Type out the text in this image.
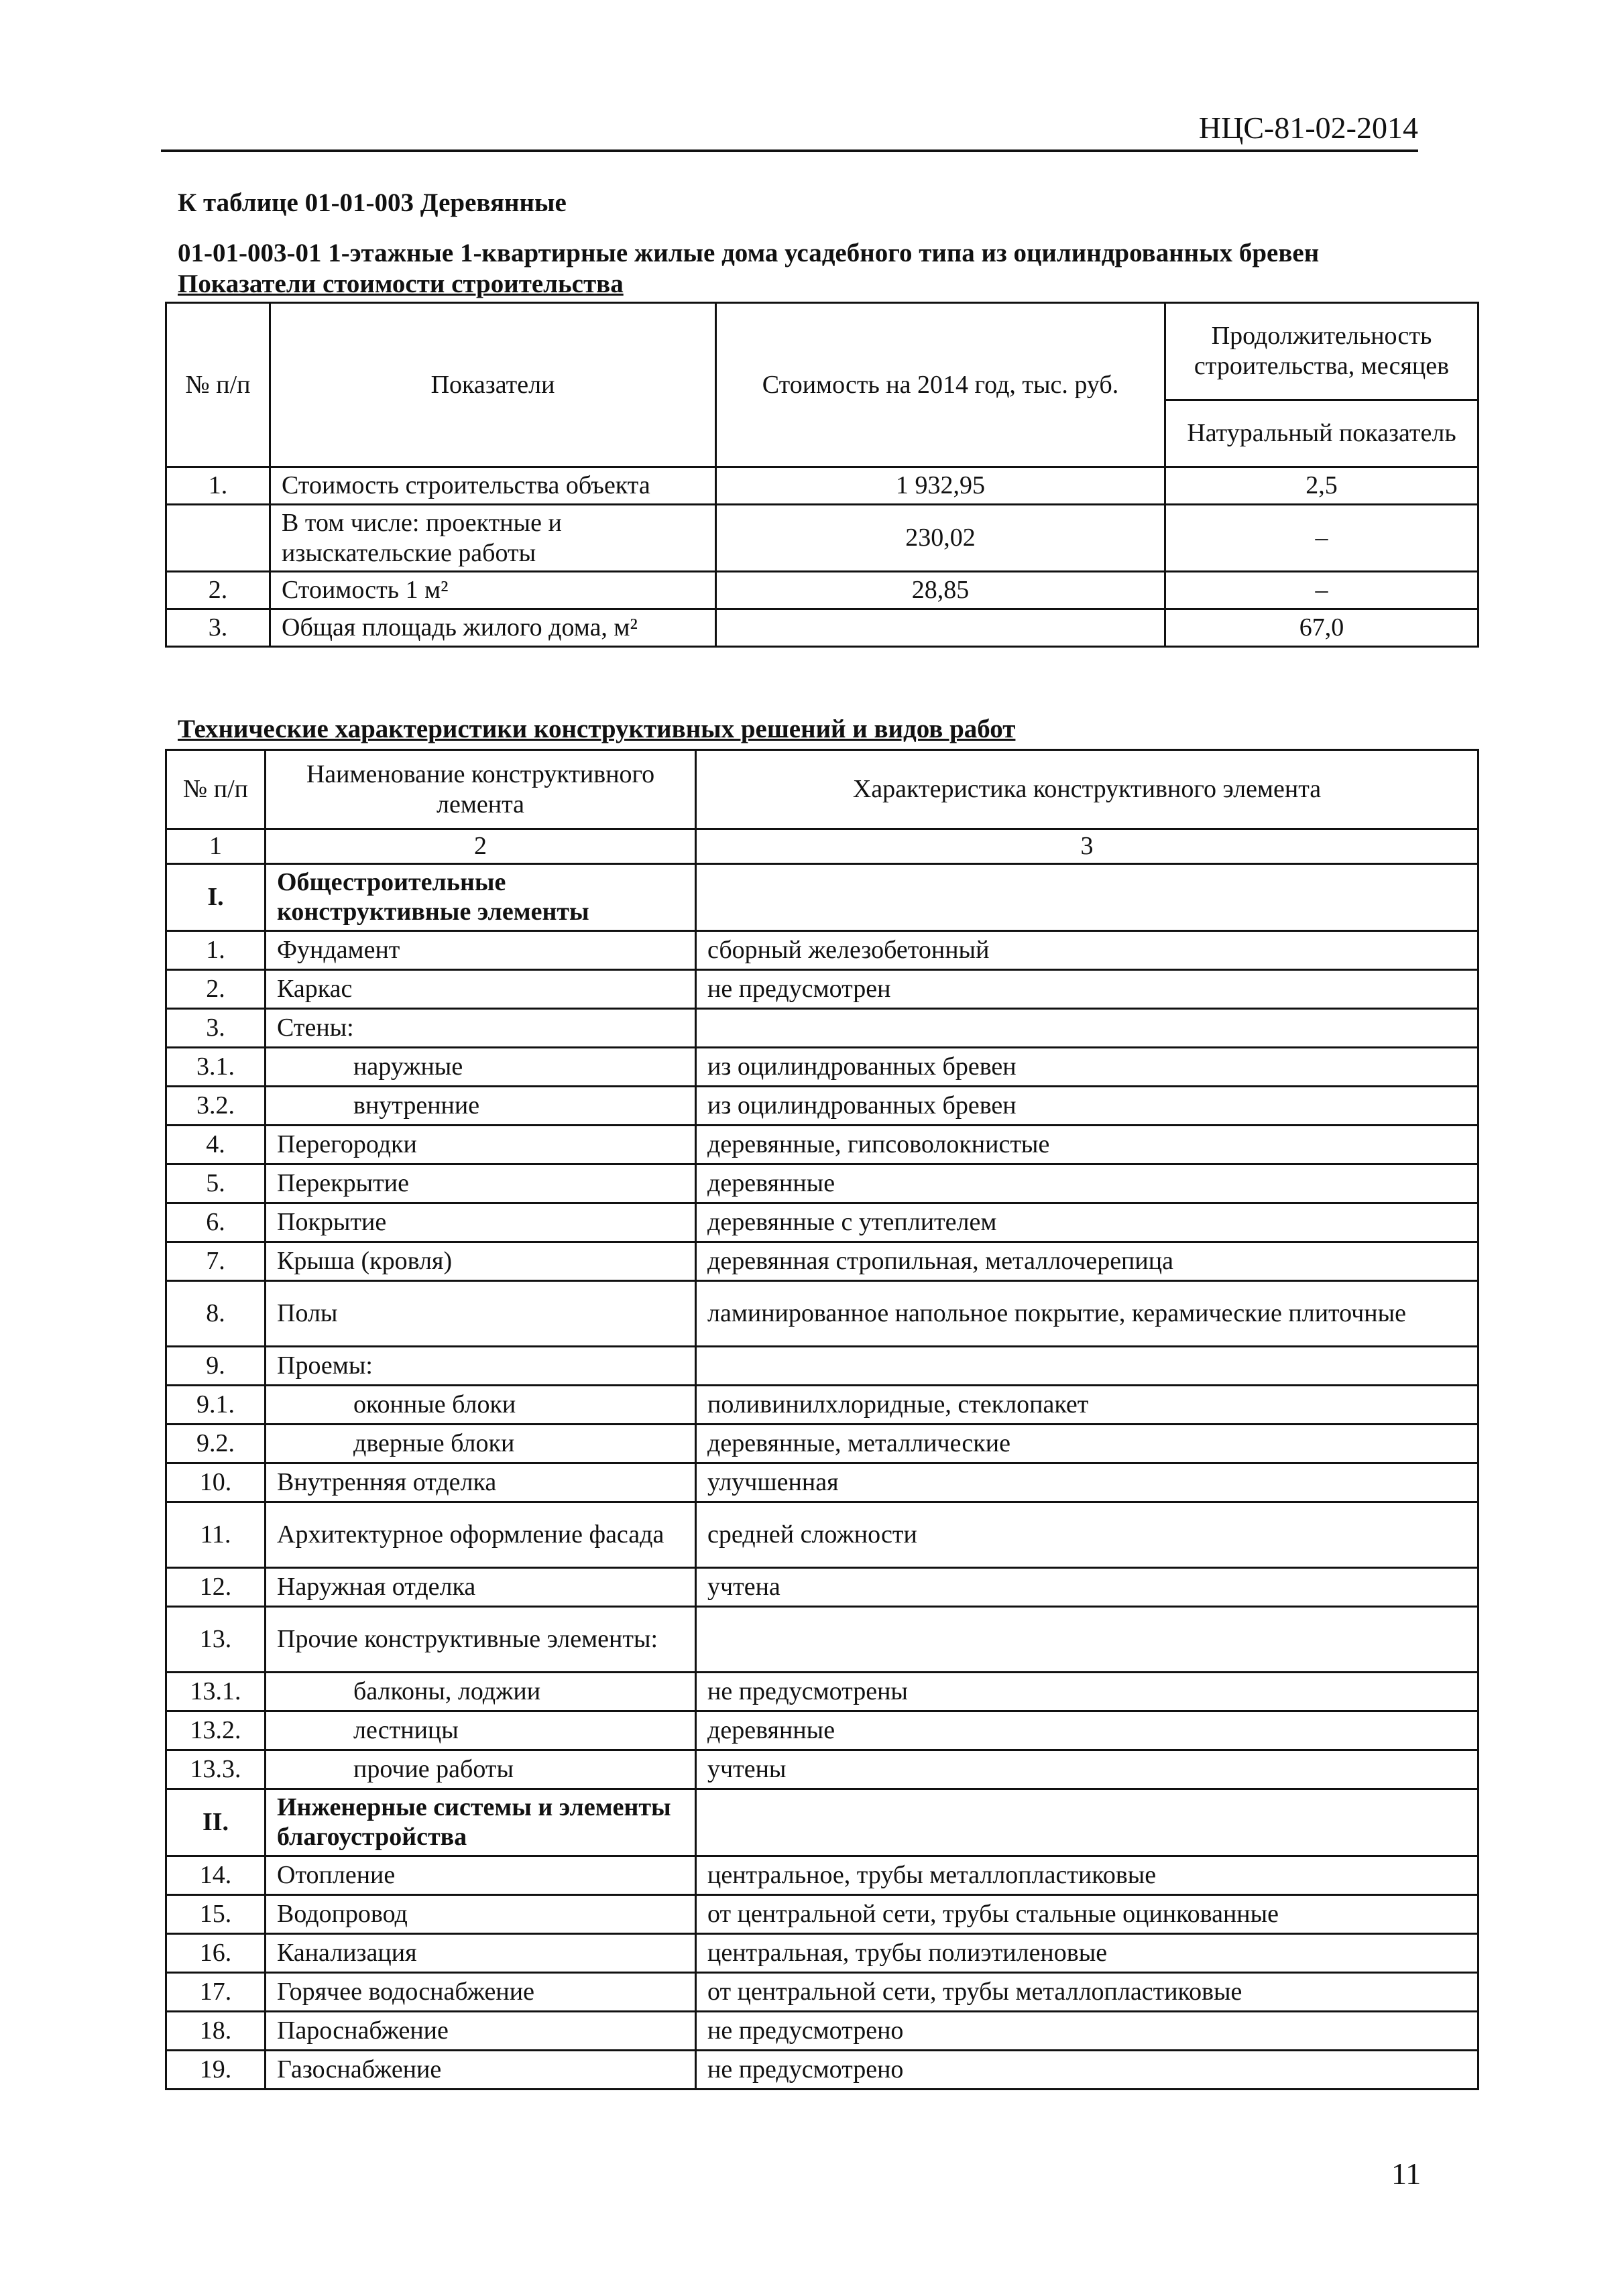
НЦС-81-02-2014
К таблице 01-01-003 Деревянные
01-01-003-01 1-этажные 1-квартирные жилые дома усадебного типа из оцилиндрованных бревен
Показатели стоимости строительства
№ п/п	Показатели	Стоимость на 2014 год, тыс. руб.	Продолжительность строительства, месяцев
			Натуральный показатель
1.	Стоимость строительства объекта	1 932,95	2,5
	В том числе: проектные и изыскательские работы	230,02	–
2.	Стоимость 1 м²	28,85	–
3.	Общая площадь жилого дома, м²		67,0
Технические характеристики конструктивных решений и видов работ
№ п/п	Наименование конструктивного лемента	Характеристика конструктивного элемента
1	2	3
I.	Общестроительные конструктивные элементы	
1.	Фундамент	сборный железобетонный
2.	Каркас	не предусмотрен
3.	Стены:	
3.1.	наружные	из оцилиндрованных бревен
3.2.	внутренние	из оцилиндрованных бревен
4.	Перегородки	деревянные, гипсоволокнистые
5.	Перекрытие	деревянные
6.	Покрытие	деревянные с утеплителем
7.	Крыша (кровля)	деревянная стропильная, металлочерепица
8.	Полы	ламинированное напольное покрытие, керамические плиточные
9.	Проемы:	
9.1.	оконные блоки	поливинилхлоридные, стеклопакет
9.2.	дверные блоки	деревянные, металлические
10.	Внутренняя отделка	улучшенная
11.	Архитектурное оформление фасада	средней сложности
12.	Наружная отделка	учтена
13.	Прочие конструктивные элементы:	
13.1.	балконы, лоджии	не предусмотрены
13.2.	лестницы	деревянные
13.3.	прочие работы	учтены
II.	Инженерные системы и элементы благоустройства	
14.	Отопление	центральное, трубы металлопластиковые
15.	Водопровод	от центральной сети, трубы стальные оцинкованные
16.	Канализация	центральная, трубы полиэтиленовые
17.	Горячее водоснабжение	от центральной сети, трубы металлопластиковые
18.	Пароснабжение	не предусмотрено
19.	Газоснабжение	не предусмотрено
11
